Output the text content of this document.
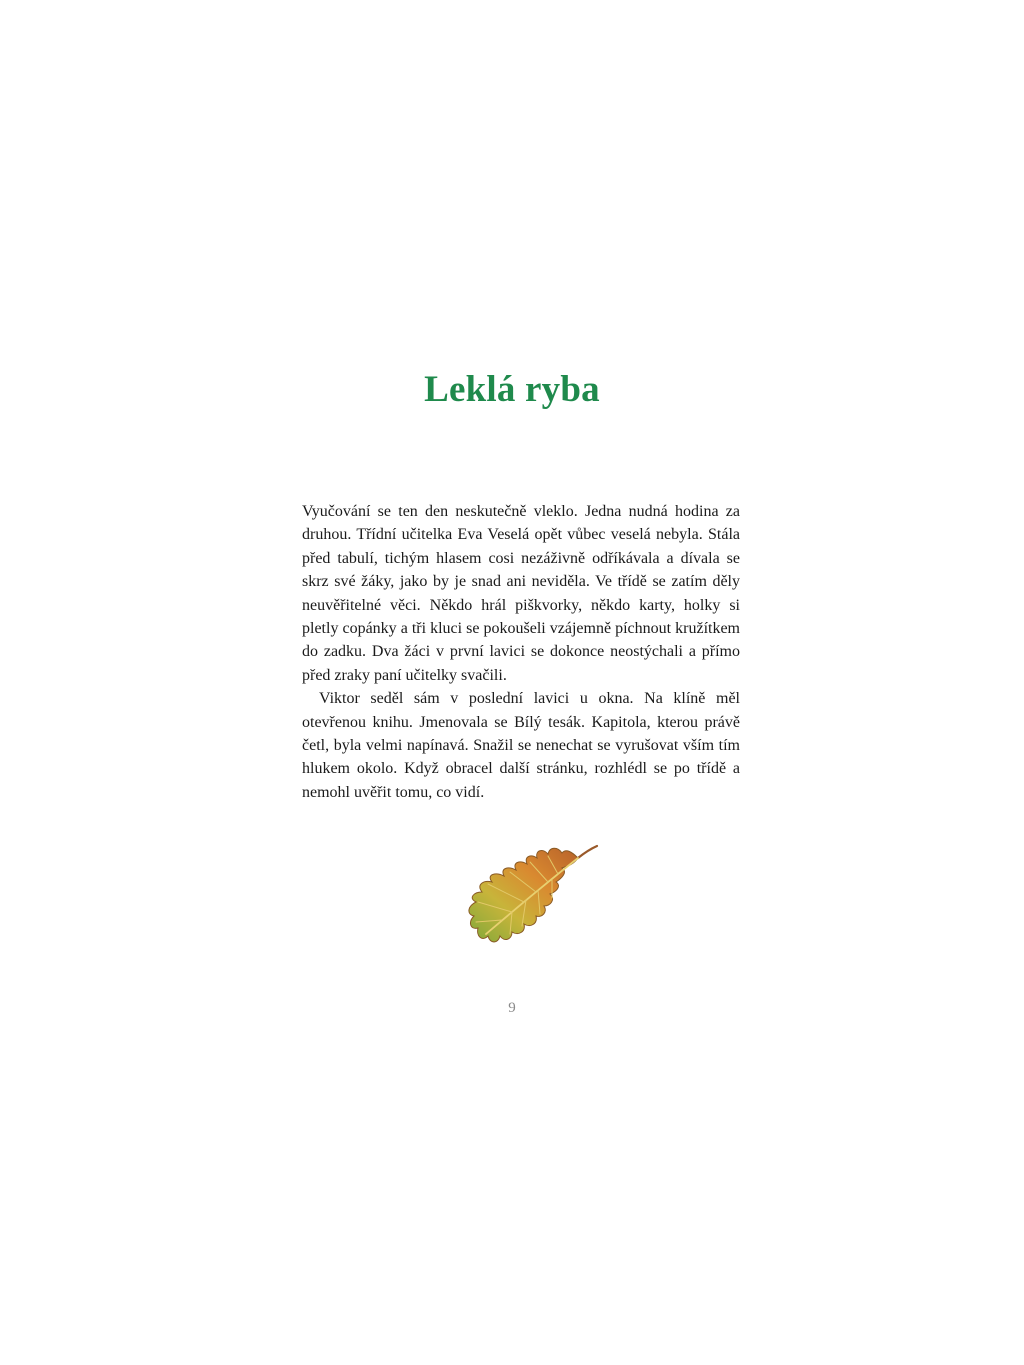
Leklá ryba

Vyučování se ten den neskutečně vleklo. Jedna nudná hodina za druhou. Třídní učitelka Eva Veselá opět vůbec veselá nebyla. Stála před tabulí, tichým hlasem cosi nezáživně odříkávala a dívala se skrz své žáky, jako by je snad ani neviděla. Ve třídě se zatím děly neuvěřitelné věci. Někdo hrál piškvorky, někdo karty, holky si pletly copánky a tři kluci se pokoušeli vzájemně píchnout kružítkem do zadku. Dva žáci v první lavici se dokonce neostýchali a přímo před zraky paní učitelky svačili.

Viktor seděl sám v poslední lavici u okna. Na klíně měl otevřenou knihu. Jmenovala se Bílý tesák. Kapitola, kterou právě četl, byla velmi napínavá. Snažil se nenechat se vyrušovat vším tím hlukem okolo. Když obracel další stránku, rozhlédl se po třídě a nemohl uvěřit tomu, co vidí.

9
